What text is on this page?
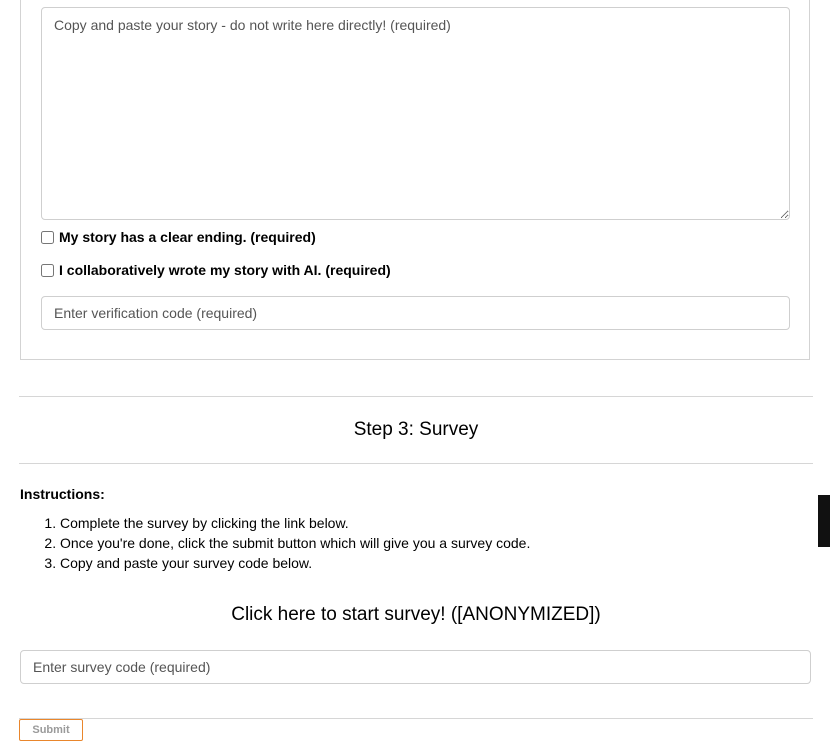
Copy and paste your story - do not write here directly! (required)
My story has a clear ending. (required)
I collaboratively wrote my story with AI. (required)
Enter verification code (required)
Step 3: Survey
Instructions:
1. Complete the survey by clicking the link below.
2. Once you're done, click the submit button which will give you a survey code.
3. Copy and paste your survey code below.
Click here to start survey! ([ANONYMIZED])
Enter survey code (required)
Submit
